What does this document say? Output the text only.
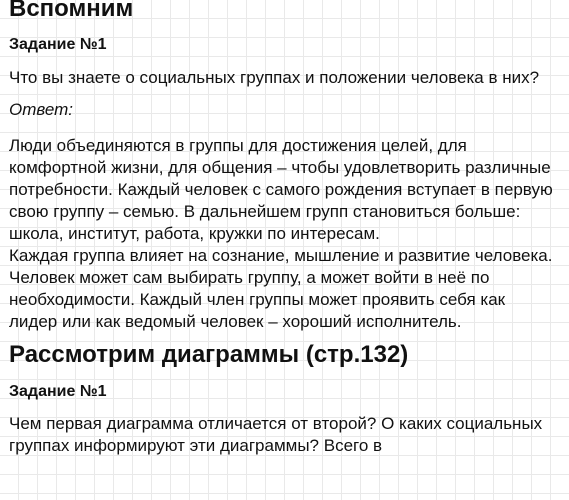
Вспомним
Задание №1

Что вы знаете о социальных группах и положении человека в них?

Ответ:

Люди объединяются в группы для достижения целей, для комфортной жизни, для общения – чтобы удовлетворить различные потребности. Каждый человек с самого рождения вступает в первую свою группу – семью. В дальнейшем групп становиться больше: школа, институт, работа, кружки по интересам.

Каждая группа влияет на сознание, мышление и развитие человека. Человек может сам выбирать группу, а может войти в неё по необходимости. Каждый член группы может проявить себя как лидер или как ведомый человек – хороший исполнитель.

Рассмотрим диаграммы (стр.132)
Задание №1

Чем первая диаграмма отличается от второй? О каких социальных группах информируют эти диаграммы? Всего в
